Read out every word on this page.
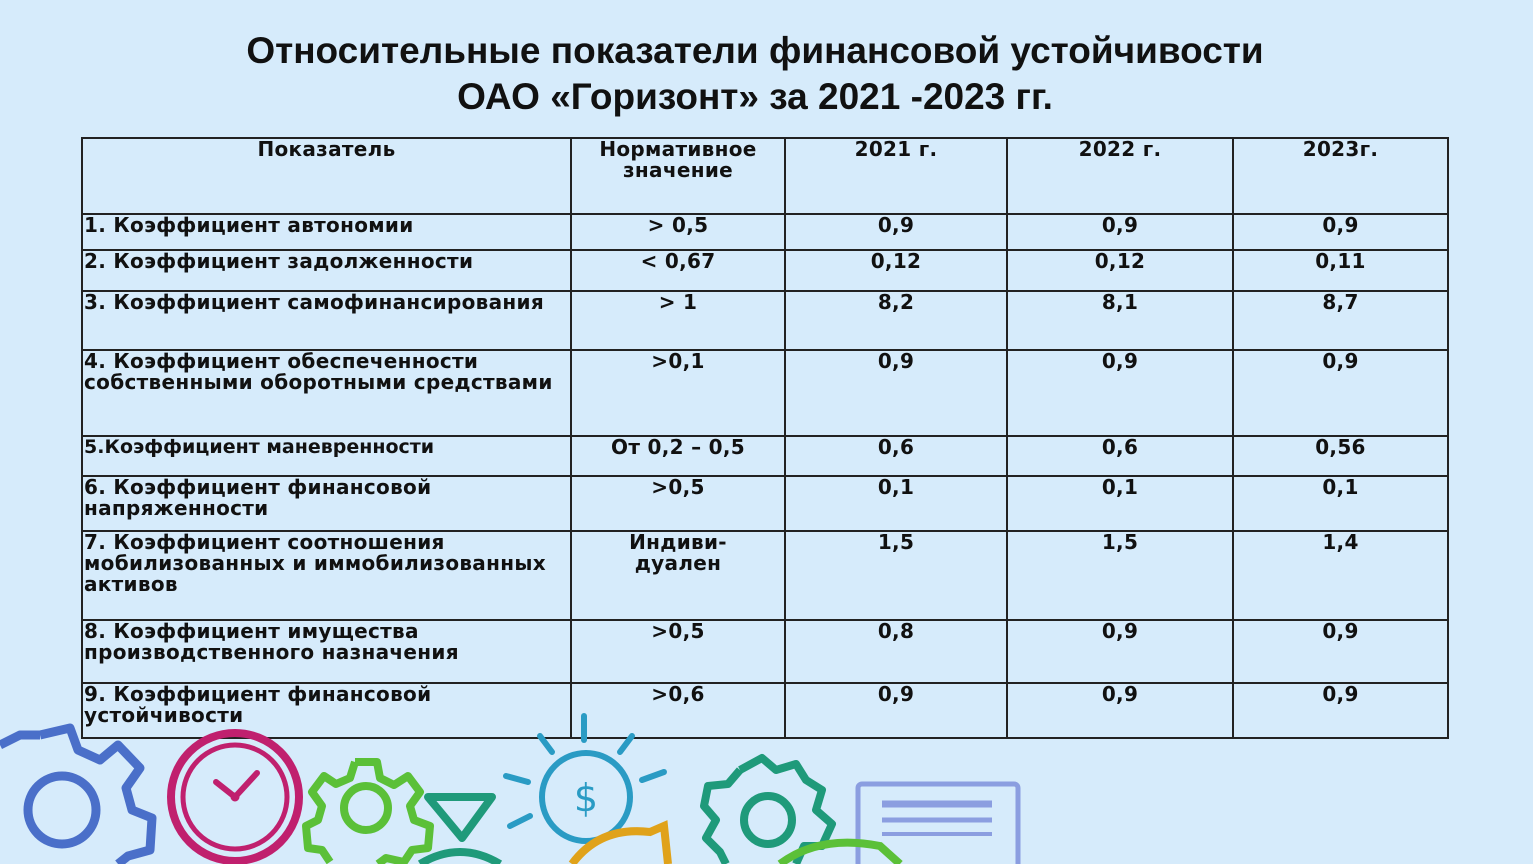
Относительные показатели финансовой устойчивости
ОАО «Горизонт» за 2021 -2023 гг.
Показатель	Нормативное значение	2021 г.	2022 г.	2023г.
1. Коэффициент автономии	> 0,5	0,9	0,9	0,9
2. Коэффициент задолженности	< 0,67	0,12	0,12	0,11
3. Коэффициент самофинансирования	> 1	8,2	8,1	8,7
4. Коэффициент обеспеченности собственными оборотными средствами	>0,1	0,9	0,9	0,9
5.Коэффициент маневренности	От 0,2 – 0,5	0,6	0,6	0,56
6. Коэффициент финансовой напряженности	>0,5	0,1	0,1	0,1
7. Коэффициент соотношения мобилизованных и иммобилизованных активов	Индиви-дуален	1,5	1,5	1,4
8. Коэффициент имущества производственного назначения	>0,5	0,8	0,9	0,9
9. Коэффициент финансовой устойчивости	>0,6	0,9	0,9	0,9
$
